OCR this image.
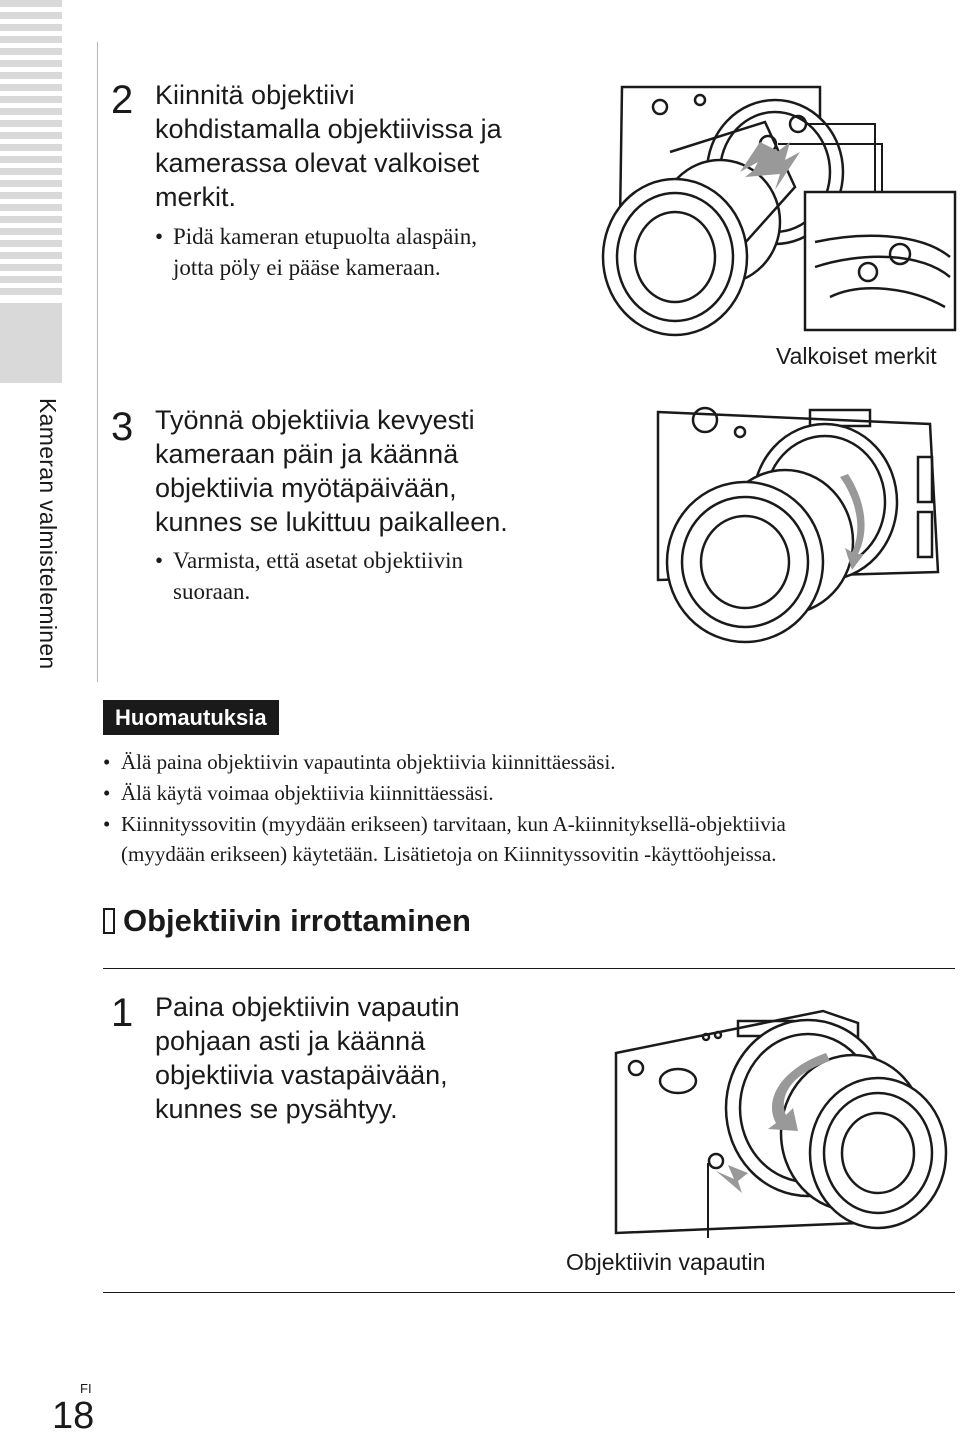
Kameran valmisteleminen
2 Kiinnitä objektiivi
kohdistamalla objektiivissa ja
kamerassa olevat valkoiset
merkit.
• Pidä kameran etupuolta alaspäin,
jotta pöly ei pääse kameraan.
Valkoiset merkit
3 Työnnä objektiivia kevyesti
kameraan päin ja käännä
objektiivia myötäpäivään,
kunnes se lukittuu paikalleen.
• Varmista, että asetat objektiivin
suoraan.
Huomautuksia
• Älä paina objektiivin vapautinta objektiivia kiinnittäessäsi.
• Älä käytä voimaa objektiivia kiinnittäessäsi.
• Kiinnityssovitin (myydään erikseen) tarvitaan, kun A-kiinnityksellä-objektiivia
(myydään erikseen) käytetään. Lisätietoja on Kiinnityssovitin -käyttöohjeissa.
Objektiivin irrottaminen
1 Paina objektiivin vapautin
pohjaan asti ja käännä
objektiivia vastapäivään,
kunnes se pysähtyy.
Objektiivin vapautin
FI
18
